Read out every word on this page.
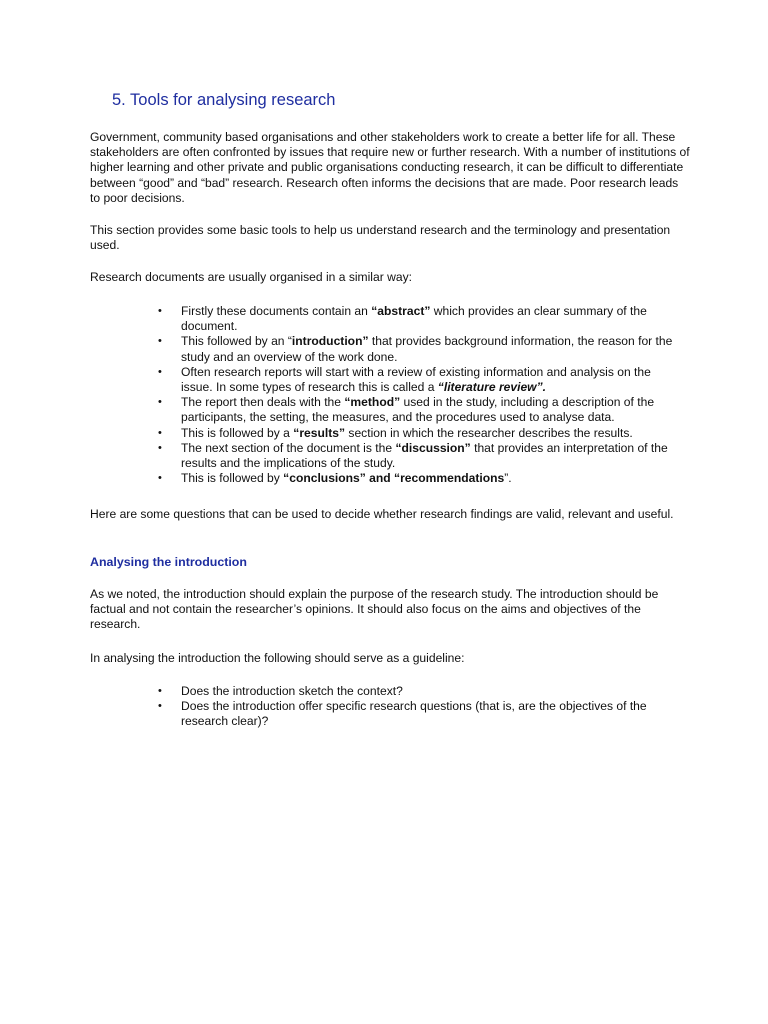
5. Tools for analysing research

Government, community based organisations and other stakeholders work to create a better life for all. These stakeholders are often confronted by issues that require new or further research. With a number of institutions of higher learning and other private and public organisations conducting research, it can be difficult to differentiate between “good” and “bad” research. Research often informs the decisions that are made. Poor research leads to poor decisions.

This section provides some basic tools to help us understand research and the terminology and presentation used.

Research documents are usually organised in a similar way:

•	Firstly these documents contain an “abstract” which provides an clear summary of the document.
•	This followed by an “introduction” that provides background information, the reason for the study and an overview of the work done.
•	Often research reports will start with a review of existing information and analysis on the issue. In some types of research this is called a “literature review”.
•	The report then deals with the “method” used in the study, including a description of the participants, the setting, the measures, and the procedures used to analyse data.
•	This is followed by a “results” section in which the researcher describes the results.
•	The next section of the document is the “discussion” that provides an interpretation of the results and the implications of the study.
•	This is followed by “conclusions” and “recommendations”.

Here are some questions that can be used to decide whether research findings are valid, relevant and useful.

Analysing the introduction

As we noted, the introduction should explain the purpose of the research study. The introduction should be factual and not contain the researcher’s opinions. It should also focus on the aims and objectives of the research.

In analysing the introduction the following should serve as a guideline:

•	Does the introduction sketch the context?
•	Does the introduction offer specific research questions (that is, are the objectives of the research clear)?
